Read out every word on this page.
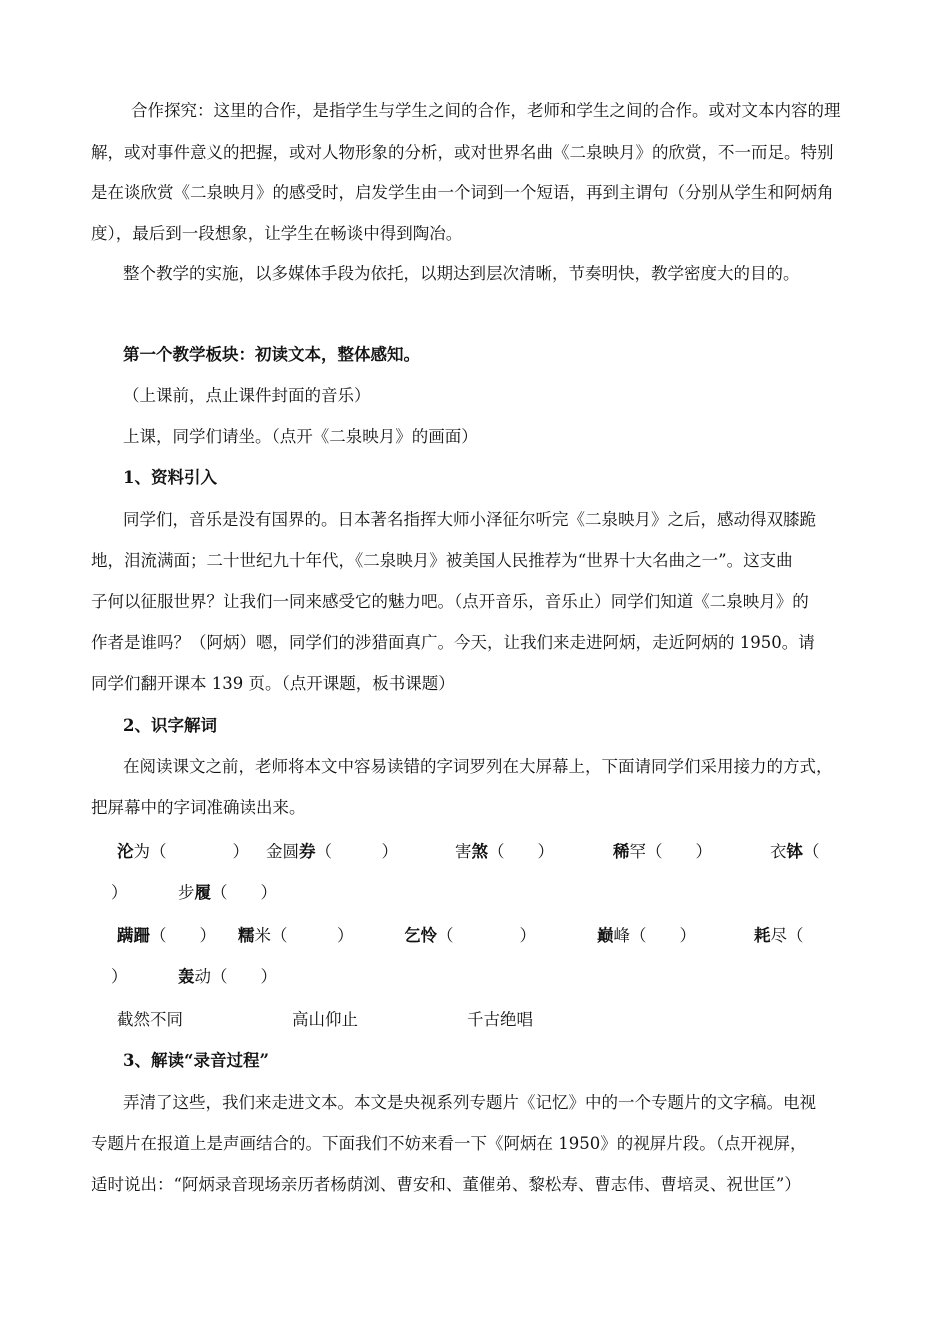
合作探究：这里的合作，是指学生与学生之间的合作，老师和学生之间的合作。或对文本内容的理
解，或对事件意义的把握，或对人物形象的分析，或对世界名曲《二泉映月》的欣赏，不一而足。特别
是在谈欣赏《二泉映月》的感受时，启发学生由一个词到一个短语，再到主谓句（分别从学生和阿炳角
度），最后到一段想象，让学生在畅谈中得到陶冶。
整个教学的实施，以多媒体手段为依托，以期达到层次清晰，节奏明快，教学密度大的目的。
第一个教学板块：初读文本，整体感知。
（上课前，点止课件封面的音乐）
上课，同学们请坐。（点开《二泉映月》的画面）
1、资料引入
同学们，音乐是没有国界的。日本著名指挥大师小泽征尔听完《二泉映月》之后，感动得双膝跪
地，泪流满面；二十世纪九十年代，《二泉映月》被美国人民推荐为“世界十大名曲之一”。这支曲
子何以征服世界？让我们一同来感受它的魅力吧。（点开音乐，音乐止）同学们知道《二泉映月》的
作者是谁吗？（阿炳）嗯，同学们的涉猎面真广。今天，让我们来走进阿炳，走近阿炳的 1950。请
同学们翻开课本 139 页。（点开课题，板书课题）
2、识字解词
在阅读课文之前，老师将本文中容易读错的字词罗列在大屏幕上，下面请同学们采用接力的方式，
把屏幕中的字词准确读出来。
沦为（　　　　） 金圆券（　　　）	害煞（　　）	稀罕（　　）	衣钵（
）	步履（　　）
蹒跚（　　） 糯米（　　　）	乞怜（　　　　）	巅峰（　　）	耗尽（
）	轰动（　　）
截然不同	高山仰止	千古绝唱
3、解读“录音过程”
弄清了这些，我们来走进文本。本文是央视系列专题片《记忆》中的一个专题片的文字稿。电视
专题片在报道上是声画结合的。下面我们不妨来看一下《阿炳在 1950》的视屏片段。（点开视屏，
适时说出：“阿炳录音现场亲历者杨荫浏、曹安和、董催弟、黎松寿、曹志伟、曹培灵、祝世匡”）
